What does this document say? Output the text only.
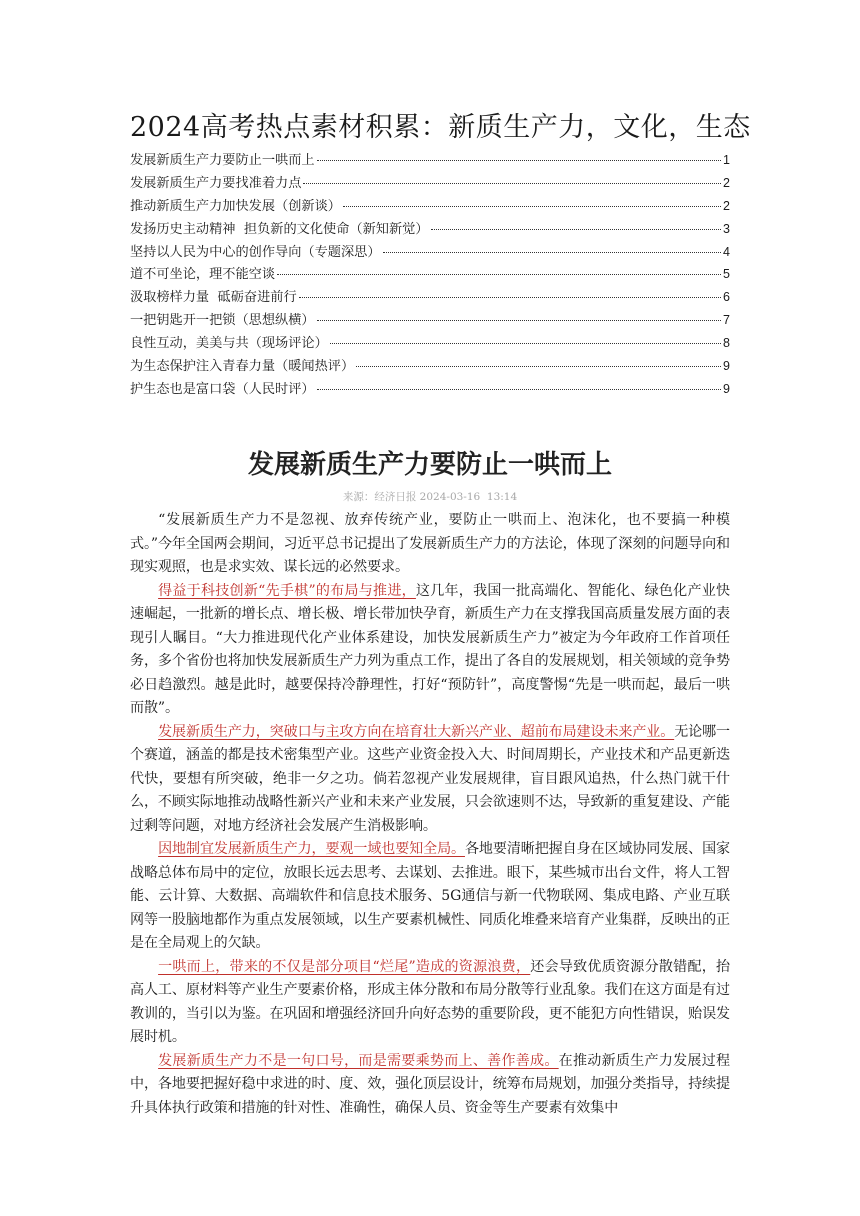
2024高考热点素材积累：新质生产力，文化，生态
发展新质生产力要防止一哄而上	1
发展新质生产力要找准着力点	2
推动新质生产力加快发展（创新谈）	2
发扬历史主动精神  担负新的文化使命（新知新觉）	3
坚持以人民为中心的创作导向（专题深思）	4
道不可坐论，理不能空谈	5
汲取榜样力量  砥砺奋进前行	6
一把钥匙开一把锁（思想纵横）	7
良性互动，美美与共（现场评论）	8
为生态保护注入青春力量（暖闻热评）	9
护生态也是富口袋（人民时评）	9
发展新质生产力要防止一哄而上
来源：经济日报 2024-03-16  13:14

“发展新质生产力不是忽视、放弃传统产业，要防止一哄而上、泡沫化，也不要搞一种模式。”今年全国两会期间，习近平总书记提出了发展新质生产力的方法论，体现了深刻的问题导向和现实观照，也是求实效、谋长远的必然要求。

得益于科技创新“先手棋”的布局与推进，这几年，我国一批高端化、智能化、绿色化产业快速崛起，一批新的增长点、增长极、增长带加快孕育，新质生产力在支撑我国高质量发展方面的表现引人瞩目。“大力推进现代化产业体系建设，加快发展新质生产力”被定为今年政府工作首项任务，多个省份也将加快发展新质生产力列为重点工作，提出了各自的发展规划，相关领域的竞争势必日趋激烈。越是此时，越要保持冷静理性，打好“预防针”，高度警惕“先是一哄而起，最后一哄而散”。

发展新质生产力，突破口与主攻方向在培育壮大新兴产业、超前布局建设未来产业。无论哪一个赛道，涵盖的都是技术密集型产业。这些产业资金投入大、时间周期长，产业技术和产品更新迭代快，要想有所突破，绝非一夕之功。倘若忽视产业发展规律，盲目跟风追热，什么热门就干什么，不顾实际地推动战略性新兴产业和未来产业发展，只会欲速则不达，导致新的重复建设、产能过剩等问题，对地方经济社会发展产生消极影响。

因地制宜发展新质生产力，要观一域也要知全局。各地要清晰把握自身在区域协同发展、国家战略总体布局中的定位，放眼长远去思考、去谋划、去推进。眼下，某些城市出台文件，将人工智能、云计算、大数据、高端软件和信息技术服务、5G通信与新一代物联网、集成电路、产业互联网等一股脑地都作为重点发展领域，以生产要素机械性、同质化堆叠来培育产业集群，反映出的正是在全局观上的欠缺。

一哄而上，带来的不仅是部分项目“烂尾”造成的资源浪费，还会导致优质资源分散错配，抬高人工、原材料等产业生产要素价格，形成主体分散和布局分散等行业乱象。我们在这方面是有过教训的，当引以为鉴。在巩固和增强经济回升向好态势的重要阶段，更不能犯方向性错误，贻误发展时机。

发展新质生产力不是一句口号，而是需要乘势而上、善作善成。在推动新质生产力发展过程中，各地要把握好稳中求进的时、度、效，强化顶层设计，统筹布局规划，加强分类指导，持续提升具体执行政策和措施的针对性、准确性，确保人员、资金等生产要素有效集中
